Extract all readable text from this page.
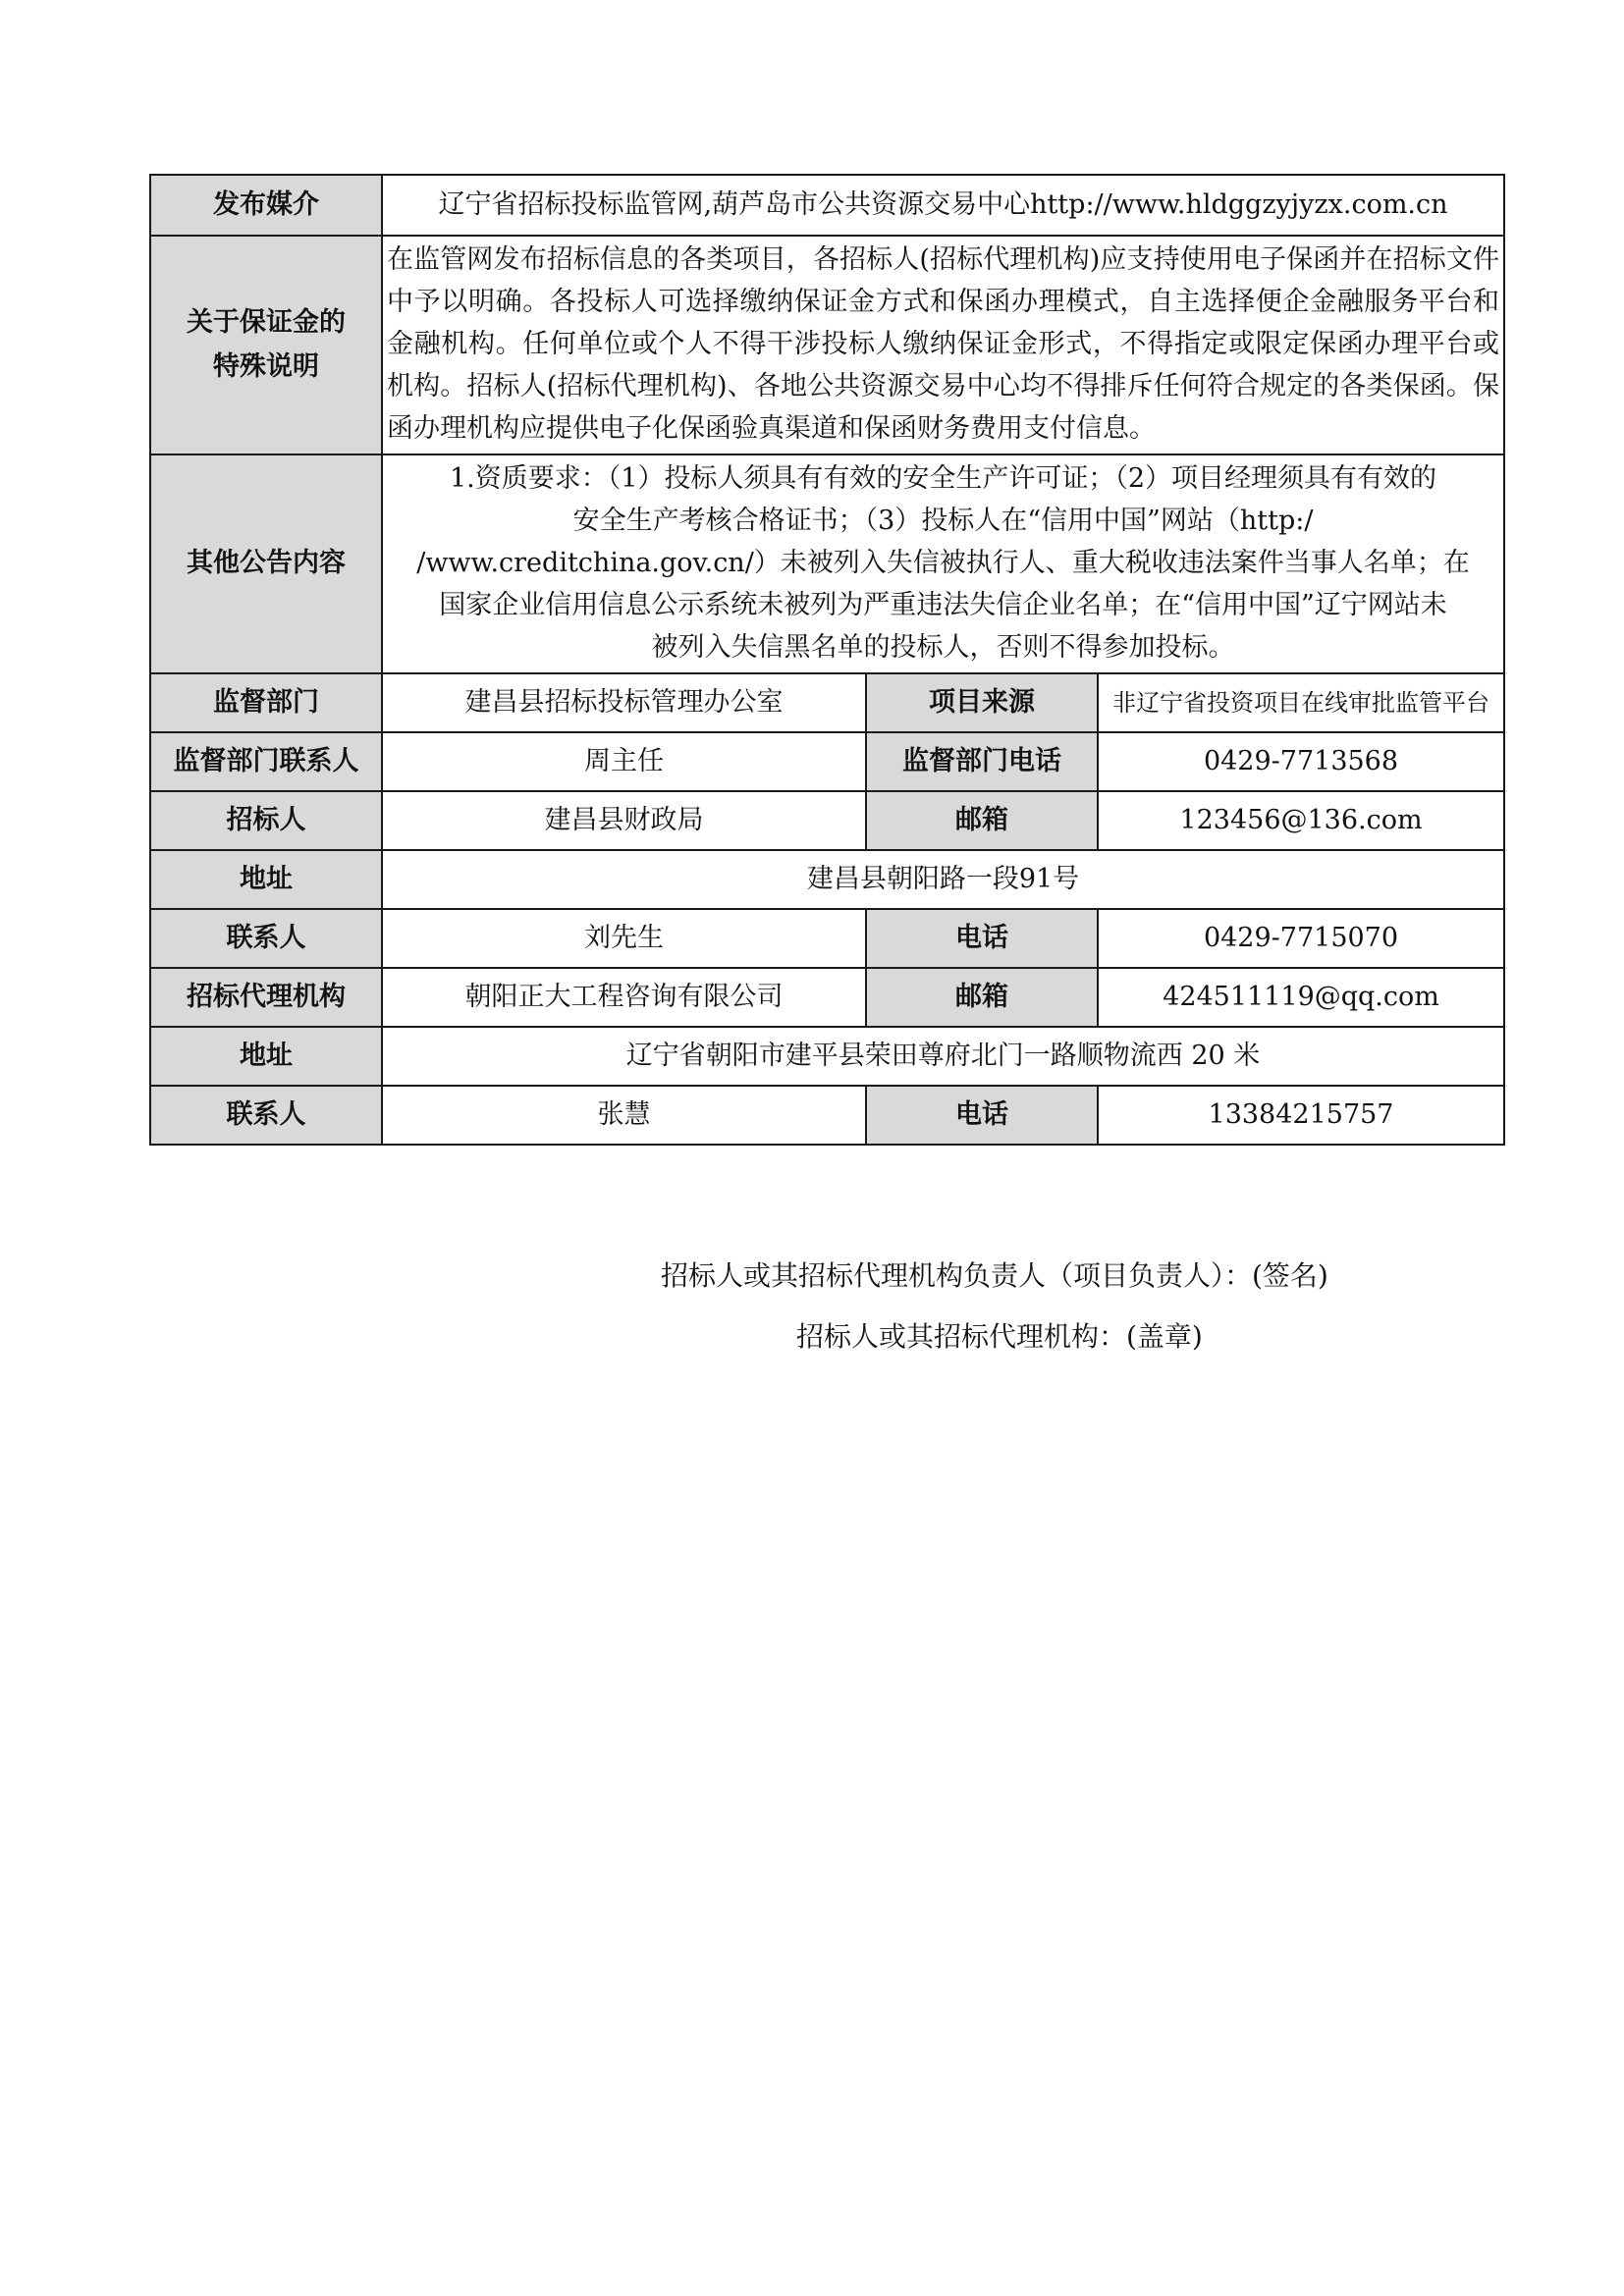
发布媒介	辽宁省招标投标监管网,葫芦岛市公共资源交易中心http://www.hldggzyjyzx.com.cn		
关于保证金的
特殊说明	在监管网发布招标信息的各类项目，各招标人(招标代理机构)应支持使用电子保函并在招标文件中予以明确。各投标人可选择缴纳保证金方式和保函办理模式，自主选择便企金融服务平台和金融机构。任何单位或个人不得干涉投标人缴纳保证金形式，不得指定或限定保函办理平台或机构。招标人(招标代理机构)、各地公共资源交易中心均不得排斥任何符合规定的各类保函。保函办理机构应提供电子化保函验真渠道和保函财务费用支付信息。		
其他公告内容	1.资质要求：（1）投标人须具有有效的安全生产许可证；（2）项目经理须具有有效的
安全生产考核合格证书；（3）投标人在“信用中国”网站（http:/
/www.creditchina.gov.cn/）未被列入失信被执行人、重大税收违法案件当事人名单；在
国家企业信用信息公示系统未被列为严重违法失信企业名单；在“信用中国”辽宁网站未
被列入失信黑名单的投标人，否则不得参加投标。		

监督部门	建昌县招标投标管理办公室	项目来源	非辽宁省投资项目在线审批监管平台
监督部门联系人	周主任	监督部门电话	0429-7713568
招标人	建昌县财政局	邮箱	123456@136.com
地址	建昌县朝阳路一段91号		
联系人	刘先生	电话	0429-7715070
招标代理机构	朝阳正大工程咨询有限公司	邮箱	424511119@qq.com
地址	辽宁省朝阳市建平县荣田尊府北门一路顺物流西 20 米		
联系人	张慧	电话	13384215757
招标人或其招标代理机构负责人（项目负责人）：(签名)
招标人或其招标代理机构：(盖章)
